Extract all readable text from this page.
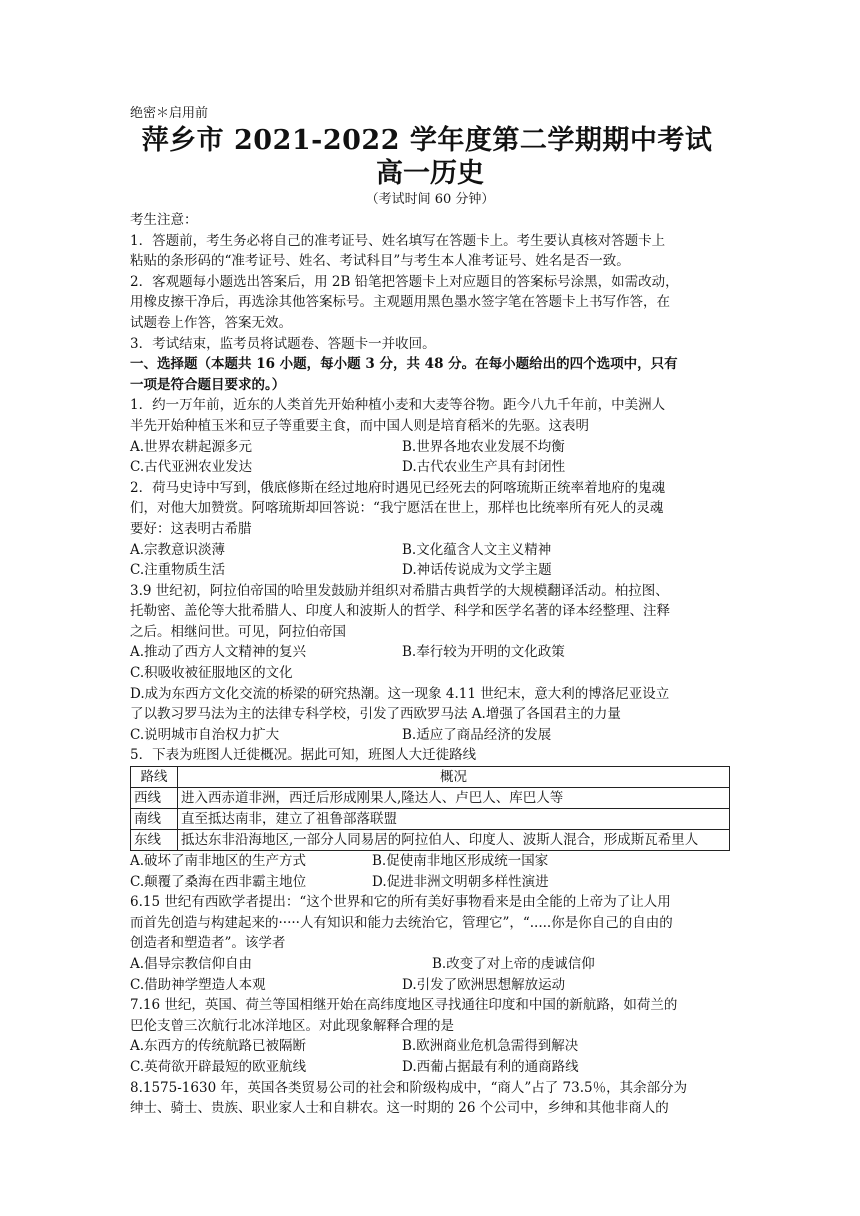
绝密＊启用前
萍乡市 2021-2022 学年度第二学期期中考试
高一历史
（考试时间 60 分钟）
考生注意：
1．答题前，考生务必将自己的准考证号、姓名填写在答题卡上。考生要认真核对答题卡上
粘贴的条形码的“准考证号、姓名、考试科目”与考生本人准考证号、姓名是否一致。
2．客观题每小题选出答案后，用 2B 铅笔把答题卡上对应题目的答案标号涂黑，如需改动，
用橡皮擦干净后，再选涂其他答案标号。主观题用黑色墨水签字笔在答题卡上书写作答，在
试题卷上作答，答案无效。
3．考试结束，监考员将试题卷、答题卡一并收回。
一、选择题（本题共 16 小题，每小题 3 分，共 48 分。在每小题给出的四个选项中，只有
一项是符合题目要求的。）
1．约一万年前，近东的人类首先开始种植小麦和大麦等谷物。距今八九千年前，中美洲人
半先开始种植玉米和豆子等重要主食，而中国人则是培育稻米的先驱。这表明
A.世界农耕起源多元	B.世界各地农业发展不均衡
C.古代亚洲农业发达	D.古代农业生产具有封闭性
2．荷马史诗中写到，俄底修斯在经过地府时遇见已经死去的阿喀琉斯正统率着地府的鬼魂
们，对他大加赞赏。阿喀琉斯却回答说：“我宁愿活在世上，那样也比统率所有死人的灵魂
要好：这表明古希腊
A.宗教意识淡薄	B.文化蕴含人文主义精神
C.注重物质生活	D.神话传说成为文学主题
3.9 世纪初，阿拉伯帝国的哈里发鼓励并组织对希腊古典哲学的大规模翻译活动。柏拉图、
托勒密、盖伦等大批希腊人、印度人和波斯人的哲学、科学和医学名著的译本经整理、注释
之后。相继问世。可见，阿拉伯帝国
A.推动了西方人文精神的复兴	B.奉行较为开明的文化政策
C.积吸收被征服地区的文化
D.成为东西方文化交流的桥梁的研究热潮。这一现象 4.11 世纪末，意大利的博洛尼亚设立
了以教习罗马法为主的法律专科学校，引发了西欧罗马法 A.增强了各国君主的力量
C.说明城市自治权力扩大	B.适应了商品经济的发展
5．下表为班图人迁徙概况。据此可知，班图人大迁徙路线
路线	概况
西线	进入西赤道非洲，西迁后形成刚果人,隆达人、卢巴人、库巴人等
南线	直至抵达南非，建立了祖鲁部落联盟
东线	抵达东非沿海地区,一部分人同易居的阿拉伯人、印度人、波斯人混合，形成斯瓦希里人
A.破坏了南非地区的生产方式	B.促使南非地区形成统一国家
C.颠覆了桑海在西非霸主地位	D.促进非洲文明朝多样性演进
6.15 世纪有西欧学者提出：“这个世界和它的所有美好事物看来是由全能的上帝为了让人用
而首先创造与构建起来的·····人有知识和能力去统治它，管理它”，“.....你是你自己的自由的
创造者和塑造者”。该学者
A.倡导宗教信仰自由	B.改变了对上帝的虔诚信仰
C.借助神学塑造人本观	D.引发了欧洲思想解放运动
7.16 世纪，英国、荷兰等国相继开始在高纬度地区寻找通往印度和中国的新航路，如荷兰的
巴伦支曾三次航行北冰洋地区。对此现象解释合理的是
A.东西方的传统航路已被隔断	B.欧洲商业危机急需得到解决
C.英荷欲开辟最短的欧亚航线	D.西葡占据最有利的通商路线
8.1575-1630 年，英国各类贸易公司的社会和阶级构成中，“商人”占了 73.5％，其余部分为
绅士、骑士、贵族、职业家人士和自耕农。这一时期的 26 个公司中，乡绅和其他非商人的
